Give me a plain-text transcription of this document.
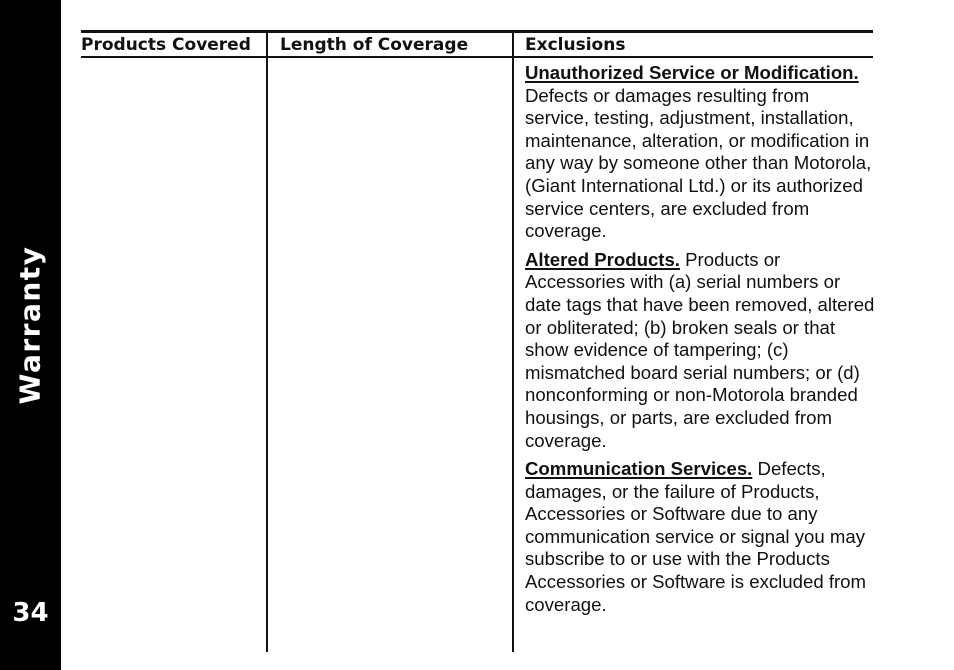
Warranty
34
Products Covered Length of Coverage	Exclusions

Unauthorized Service or Modification. Defects or damages resulting from service, testing, adjustment, installation, maintenance, alteration, or modification in any way by someone other than Motorola, (Giant International Ltd.) or its authorized service centers, are excluded from coverage.

Altered Products. Products or Accessories with (a) serial numbers or date tags that have been removed, altered or obliterated; (b) broken seals or that show evidence of tampering; (c) mismatched board serial numbers; or (d) nonconforming or non-Motorola branded housings, or parts, are excluded from coverage.

Communication Services. Defects, damages, or the failure of Products, Accessories or Software due to any communication service or signal you may subscribe to or use with the Products Accessories or Software is excluded from coverage.
